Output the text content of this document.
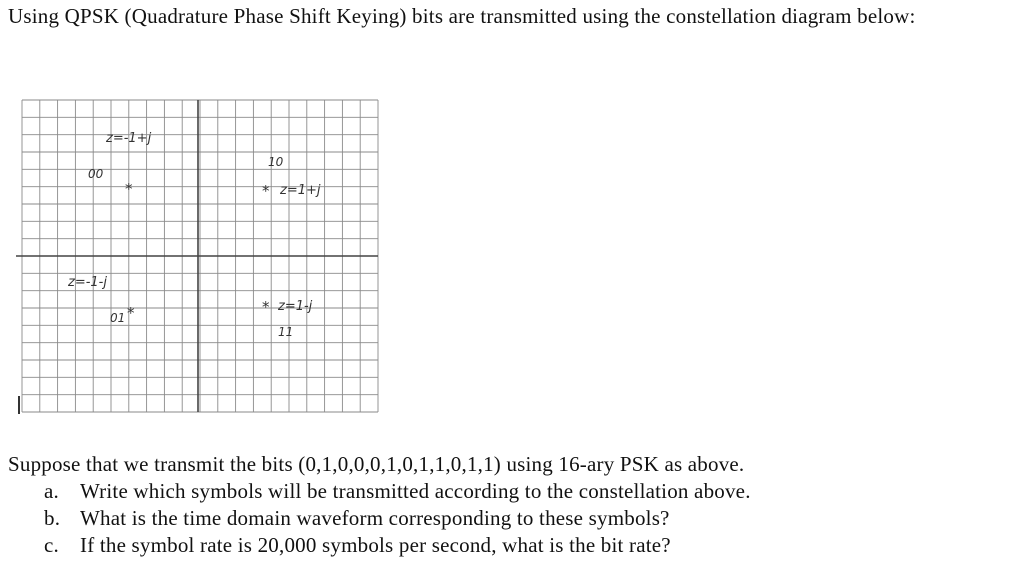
Using QPSK (Quadrature Phase Shift Keying) bits are transmitted using the constellation diagram below:

z=-1+j
00
*
10
* z=1+j
z=-1-j
01 *	* z=1-j
11

Suppose that we transmit the bits (0,1,0,0,0,1,0,1,1,0,1,1) using 16-ary PSK as above.

a.	Write which symbols will be transmitted according to the constellation above.
b. What is the time domain waveform corresponding to these symbols?
c.	If the symbol rate is 20,000 symbols per second, what is the bit rate?
